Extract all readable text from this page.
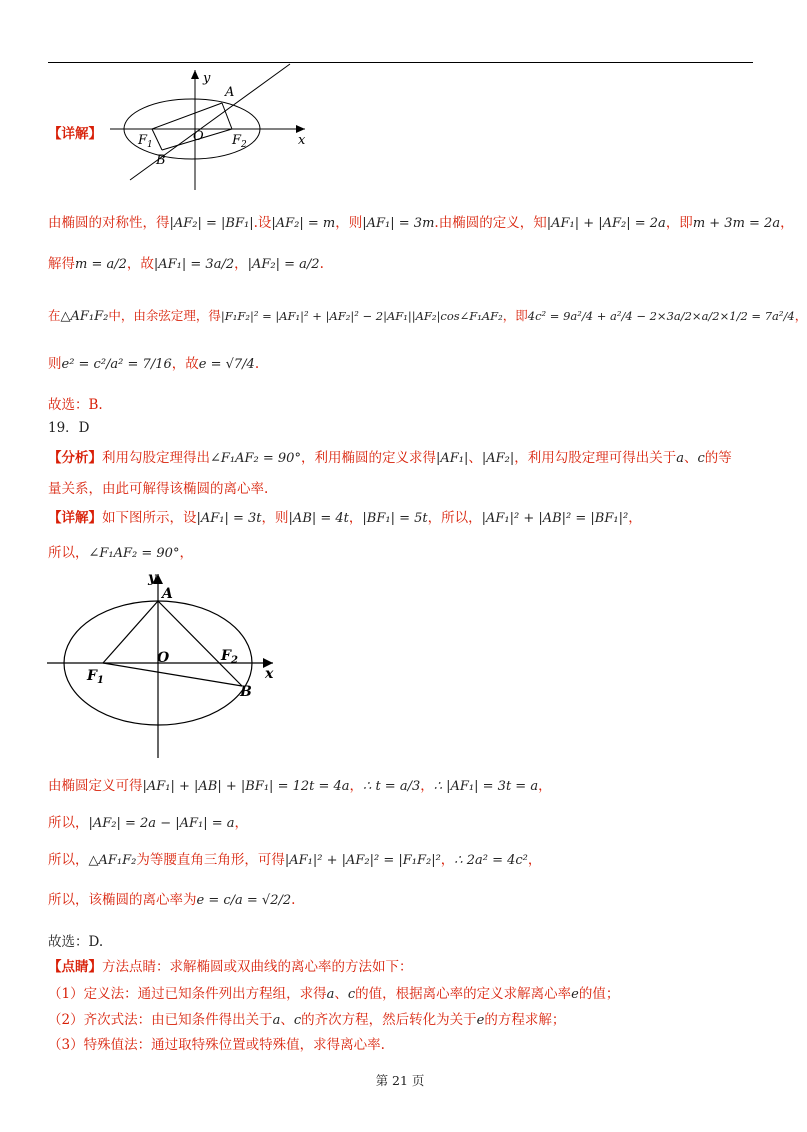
y
x
A
B
O
$F_1$	$F_2$
【详解】
由椭圆的对称性，得|AF₂| = |BF₁|.设|AF₂| = m，则|AF₁| = 3m.由椭圆的定义，知|AF₁| + |AF₂| = 2a，即m + 3m = 2a，
解得m = a/2，故|AF₁| = 3a/2，|AF₂| = a/2.
在△AF₁F₂中，由余弦定理，得|F₁F₂|² = |AF₁|² + |AF₂|² − 2|AF₁||AF₂|cos∠F₁AF₂，即4c² = 9a²/4 + a²/4 − 2×3a/2×a/2×1/2 = 7a²/4，
则e² = c²/a² = 7/16，故e = √7/4.
故选：B.
19．D
【分析】利用勾股定理得出∠F₁AF₂ = 90°，利用椭圆的定义求得|AF₁|、|AF₂|，利用勾股定理可得出关于a、c的等
量关系，由此可解得该椭圆的离心率.
【详解】如下图所示，设|AF₁| = 3t，则|AB| = 4t，|BF₁| = 5t，所以，|AF₁|² + |AB|² = |BF₁|²，
所以，∠F₁AF₂ = 90°，
y
x
A
B
O
$F_1$
$F_2$
由椭圆定义可得|AF₁| + |AB| + |BF₁| = 12t = 4a，∴ t = a/3，∴ |AF₁| = 3t = a，
所以，|AF₂| = 2a − |AF₁| = a，
所以，△AF₁F₂为等腰直角三角形，可得|AF₁|² + |AF₂|² = |F₁F₂|²，∴ 2a² = 4c²，
所以，该椭圆的离心率为e = c/a = √2/2.
故选：D.
【点睛】方法点睛：求解椭圆或双曲线的离心率的方法如下：
（1）定义法：通过已知条件列出方程组，求得a、c的值，根据离心率的定义求解离心率e的值；
（2）齐次式法：由已知条件得出关于a、c的齐次方程，然后转化为关于e的方程求解；
（3）特殊值法：通过取特殊位置或特殊值，求得离心率.
第 21 页
